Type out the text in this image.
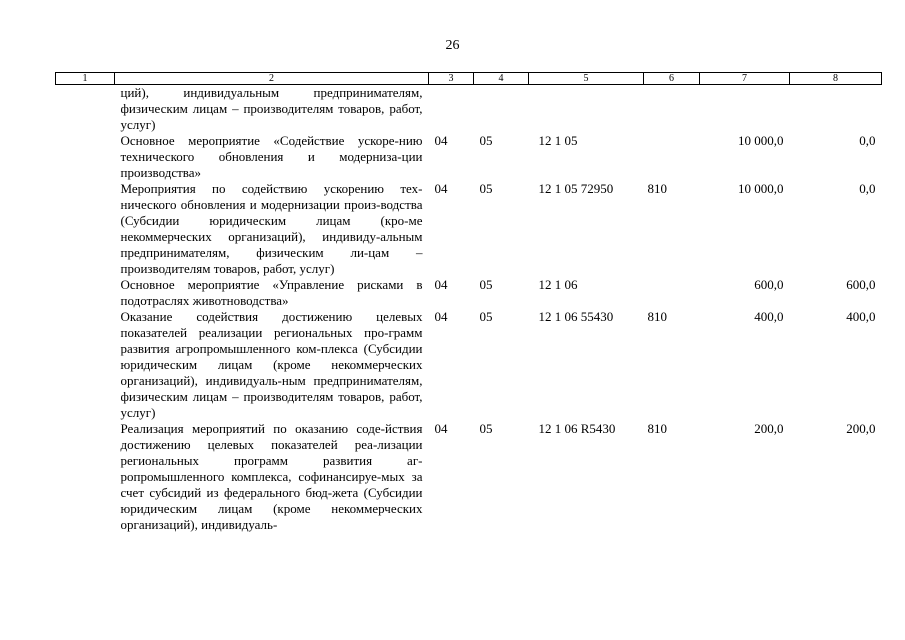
26
1	2	3	4	5	6	7	8
	ций), индивидуальным предпринимателям, физическим лицам – производителям товаров, работ, услуг)						
	Основное мероприятие «Содействие ускоре-нию технического обновления и модерниза-ции производства»	04	05	12 1 05		10 000,0	0,0
	Мероприятия по содействию ускорению тех-нического обновления и модернизации произ-водства (Субсидии юридическим лицам (кро-ме некоммерческих организаций), индивиду-альным предпринимателям, физическим ли-цам – производителям товаров, работ, услуг)	04	05	12 1 05 72950	810	10 000,0	0,0
	Основное мероприятие «Управление рисками в подотраслях животноводства»	04	05	12 1 06		600,0	600,0
	Оказание содействия достижению целевых показателей реализации региональных про-грамм развития агропромышленного ком-плекса (Субсидии юридическим лицам (кроме некоммерческих организаций), индивидуаль-ным предпринимателям, физическим лицам – производителям товаров, работ, услуг)	04	05	12 1 06 55430	810	400,0	400,0
	Реализация мероприятий по оказанию соде-йствия достижению целевых показателей реа-лизации региональных программ развития аг-ропромышленного комплекса, софинансируе-мых за счет субсидий из федерального бюд-жета (Субсидии юридическим лицам (кроме некоммерческих организаций), индивидуаль-	04	05	12 1 06 R5430	810	200,0	200,0
